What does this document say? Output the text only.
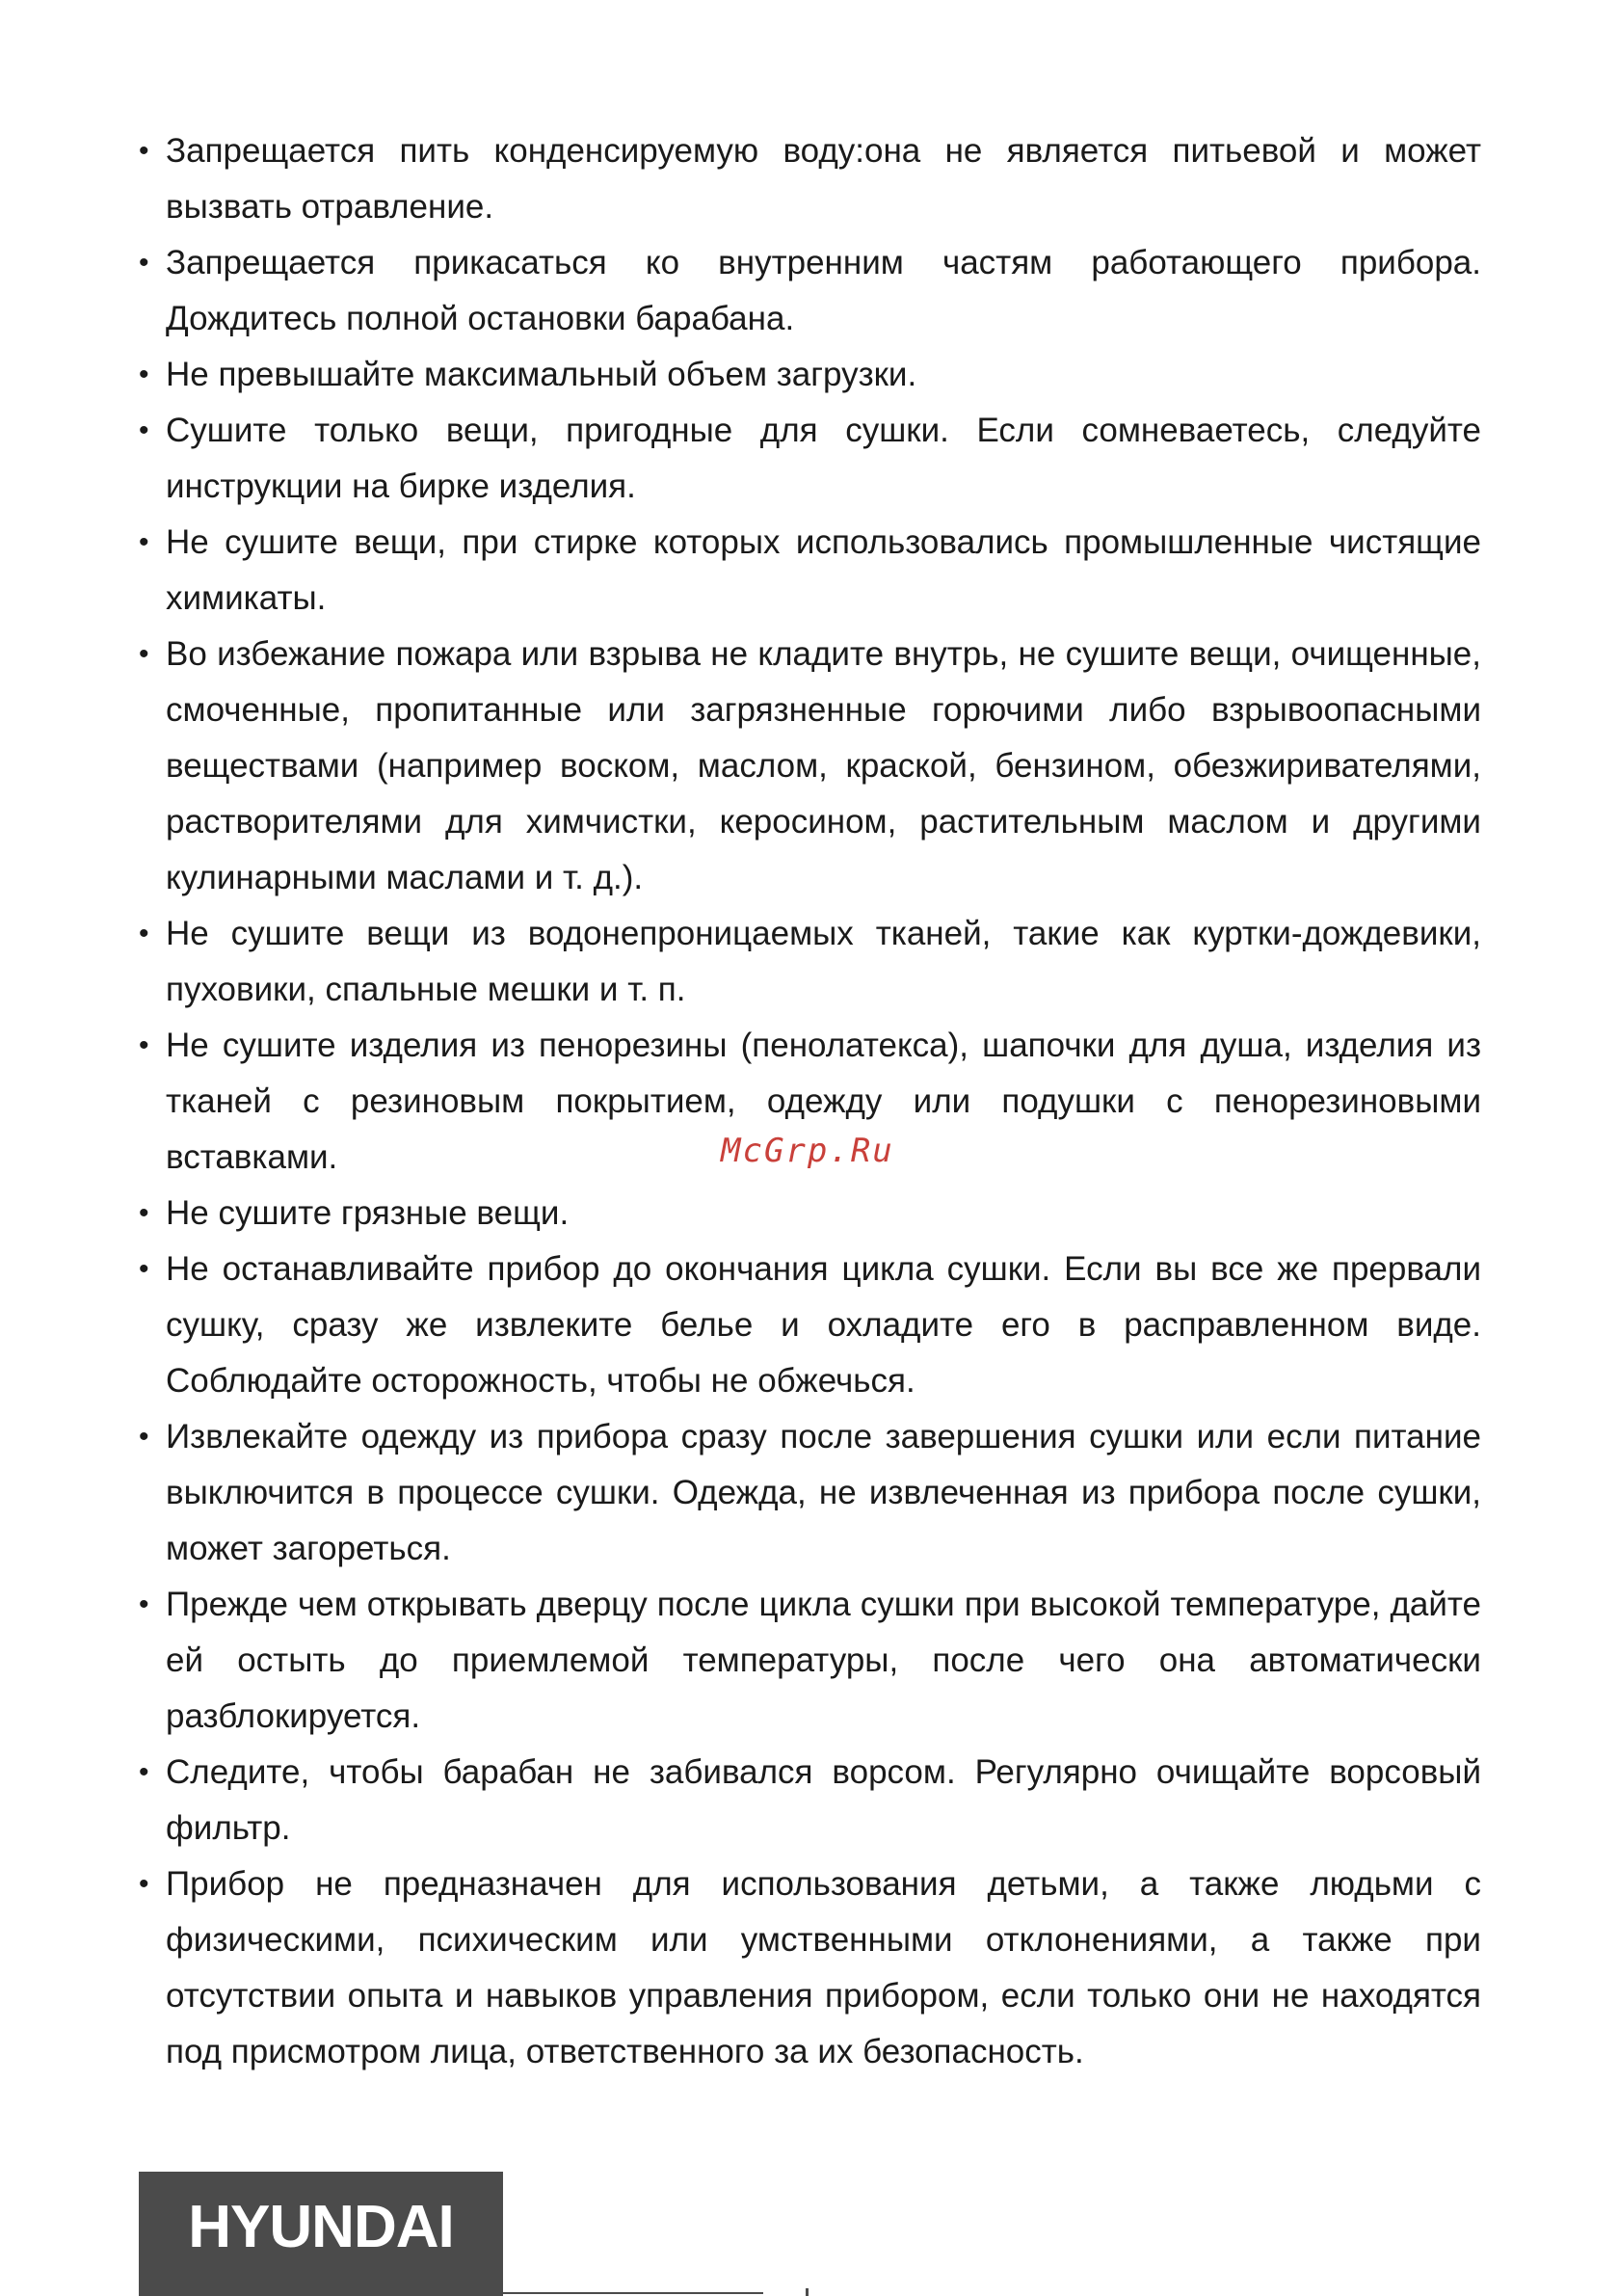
• Запрещается пить конденсируемую воду:она не является питьевой и может вызвать отравление.
• Запрещается прикасаться ко внутренним частям работающего прибора. Дождитесь полной остановки барабана.
• Не превышайте максимальный объем загрузки.
• Сушите только вещи, пригодные для сушки. Если сомневаетесь, следуйте инструкции на бирке изделия.
• Не сушите вещи, при стирке которых использовались промышленные чистящие химикаты.
• Во избежание пожара или взрыва не кладите внутрь, не сушите вещи, очищенные, смоченные, пропитанные или загрязненные горючими либо взрывоопасными веществами (например воском, маслом, краской, бензином, обезжиривателями, растворителями для химчистки, керосином, растительным маслом и другими кулинарными маслами и т. д.).
• Не сушите вещи из водонепроницаемых тканей, такие как куртки-дождевики, пуховики, спальные мешки и т. п.
• Не сушите изделия из пенорезины (пенолатекса), шапочки для душа, изделия из тканей с резиновым покрытием, одежду или подушки с пенорезиновыми вставками.
• Не сушите грязные вещи.
• Не останавливайте прибор до окончания цикла сушки. Если вы все же прервали сушку, сразу же извлеките белье и охладите его в расправленном виде. Соблюдайте осторожность, чтобы не обжечься.
• Извлекайте одежду из прибора сразу после завершения сушки или если питание выключится в процессе сушки. Одежда, не извлеченная из прибора после сушки, может загореться.
• Прежде чем открывать дверцу после цикла сушки при высокой температуре, дайте ей остыть до приемлемой температуры, после чего она автоматически разблокируется.
• Следите, чтобы барабан не забивался ворсом. Регулярно очищайте ворсовый фильтр.
• Прибор не предназначен для использования детьми, а также людьми с физическими, психическим или умственными отклонениями, а также при отсутствии опыта и навыков управления прибором, если только они не находятся под присмотром лица, ответственного за их безопасность.
McGrp.Ru
HYUNDAI
